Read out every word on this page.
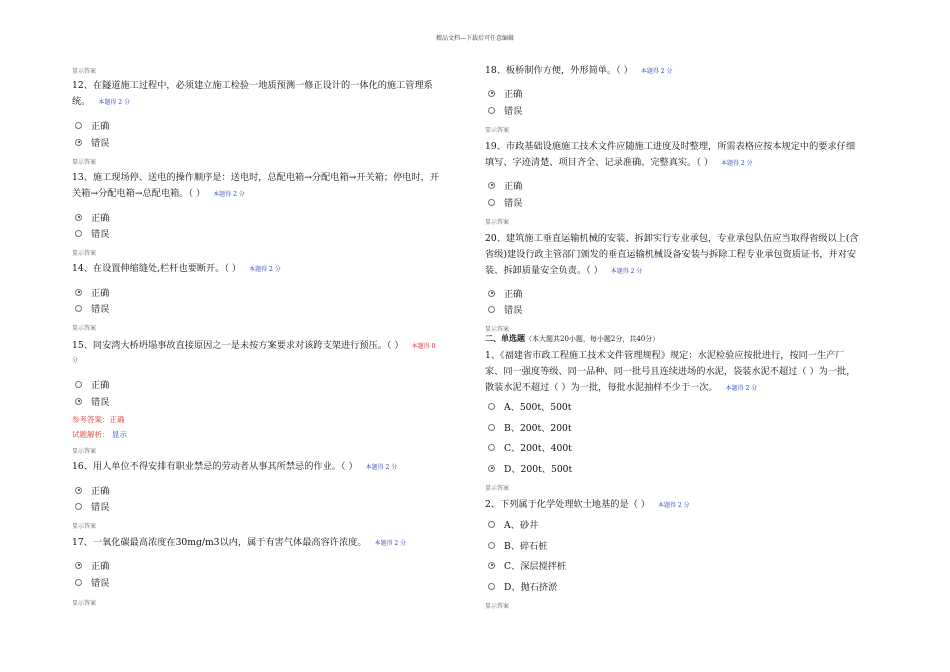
精品文档---下载后可任意编辑
显示答案
12、在隧道施工过程中，必须建立施工检验一地质预测一修正设计的一体化的施工管理系
统。 本题得 2 分
正确
错误
显示答案
13、施工现场停、送电的操作顺序是：送电时，总配电箱→分配电箱→开关箱；停电时，开
关箱→分配电箱→总配电箱。（ ） 本题得 2 分
正确
错误
显示答案
14、在设置伸缩缝处,栏杆也要断开。（ ） 本题得 2 分
正确
错误
显示答案
15、同安湾大桥坍塌事故直接原因之一是未按方案要求对该跨支架进行预压。（ ） 本题得 0
分
正确
错误
参考答案：正确
试题解析： 显示
显示答案
16、用人单位不得安排有职业禁忌的劳动者从事其所禁忌的作业。（ ） 本题得 2 分
正确
错误
显示答案
17、一氧化碳最高浓度在30mg/m3以内，属于有害气体最高容许浓度。 本题得 2 分
正确
错误
显示答案
18、板桥制作方便，外形简单。（ ） 本题得 2 分
正确
错误
显示答案
19、市政基础设施施工技术文件应随施工进度及时整理，所需表格应按本规定中的要求仔细
填写、字迹清楚、项目齐全、记录准确、完整真实。（ ） 本题得 2 分
正确
错误
显示答案
20、建筑施工垂直运输机械的安装、拆卸实行专业承包，专业承包队伍应当取得省级以上(含
省级)建设行政主管部门颁发的垂直运输机械设备安装与拆除工程专业承包资质证书，并对安
装、拆卸质量安全负责。（ ） 本题得 2 分
正确
错误
显示答案
二、单选题（本大题共20小题，每小题2分，共40分）
1、《福建省市政工程施工技术文件管理规程》规定：水泥检验应按批进行，按同一生产厂
家、同一强度等级、同一品种、同一批号且连续进场的水泥，袋装水泥不超过（ ）为一批，
散装水泥不超过（ ）为一批，每批水泥抽样不少于一次。 本题得 2 分
A、500t、500t
B、200t、200t
C、200t、400t
D、200t、500t
显示答案
2、下列属于化学处理软土地基的是（ ） 本题得 2 分
A、砂井
B、碎石桩
C、深层搅拌桩
D、抛石挤淤
显示答案
